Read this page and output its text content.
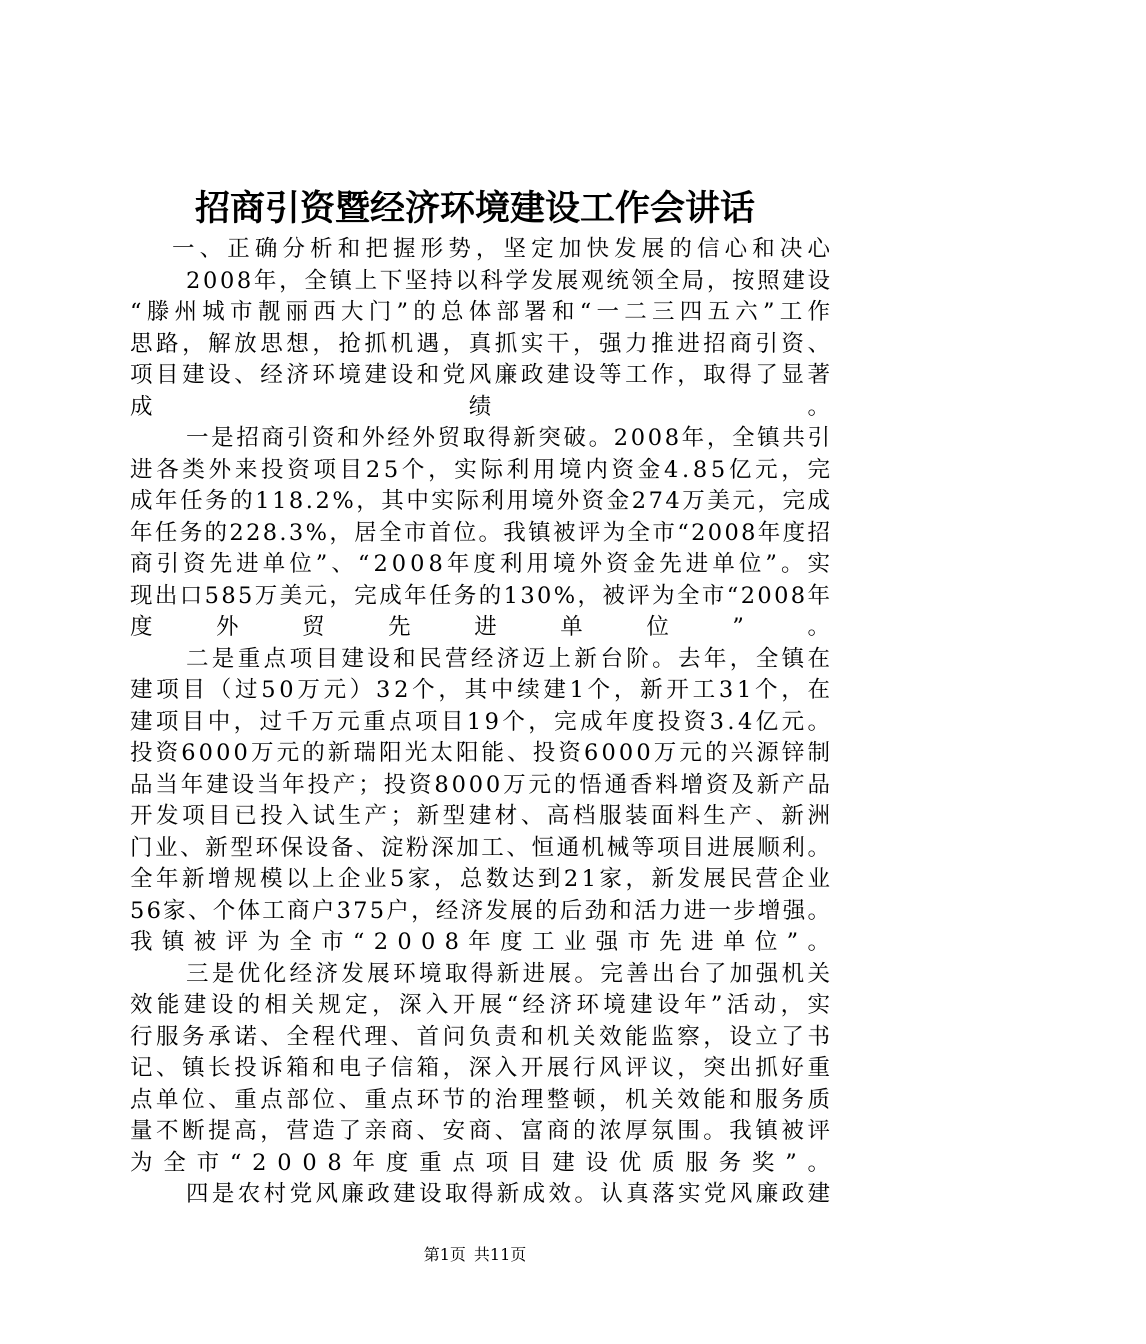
招商引资暨经济环境建设工作会讲话
一、正确分析和把握形势，坚定加快发展的信心和决心
2008年，全镇上下坚持以科学发展观统领全局，按照建设
“滕州城市靓丽西大门”的总体部署和“一二三四五六”工作
思路，解放思想，抢抓机遇，真抓实干，强力推进招商引资、
项目建设、经济环境建设和党风廉政建设等工作，取得了显著
成绩。
一是招商引资和外经外贸取得新突破。2008年，全镇共引
进各类外来投资项目25个，实际利用境内资金4.85亿元，完
成年任务的118.2%，其中实际利用境外资金274万美元，完成
年任务的228.3%，居全市首位。我镇被评为全市“2008年度招
商引资先进单位”、“2008年度利用境外资金先进单位”。实
现出口585万美元，完成年任务的130%，被评为全市“2008年
度外贸先进单位”。
二是重点项目建设和民营经济迈上新台阶。去年，全镇在
建项目（过50万元）32个，其中续建1个，新开工31个，在
建项目中，过千万元重点项目19个，完成年度投资3.4亿元。
投资6000万元的新瑞阳光太阳能、投资6000万元的兴源锌制
品当年建设当年投产；投资8000万元的悟通香料增资及新产品
开发项目已投入试生产；新型建材、高档服装面料生产、新洲
门业、新型环保设备、淀粉深加工、恒通机械等项目进展顺利。
全年新增规模以上企业5家，总数达到21家，新发展民营企业
56家、个体工商户375户，经济发展的后劲和活力进一步增强。
我镇被评为全市“2008年度工业强市先进单位”。
三是优化经济发展环境取得新进展。完善出台了加强机关
效能建设的相关规定，深入开展“经济环境建设年”活动，实
行服务承诺、全程代理、首问负责和机关效能监察，设立了书
记、镇长投诉箱和电子信箱，深入开展行风评议，突出抓好重
点单位、重点部位、重点环节的治理整顿，机关效能和服务质
量不断提高，营造了亲商、安商、富商的浓厚氛围。我镇被评
为全市“2008年度重点项目建设优质服务奖”。
四是农村党风廉政建设取得新成效。认真落实党风廉政建
第1页  共11页
